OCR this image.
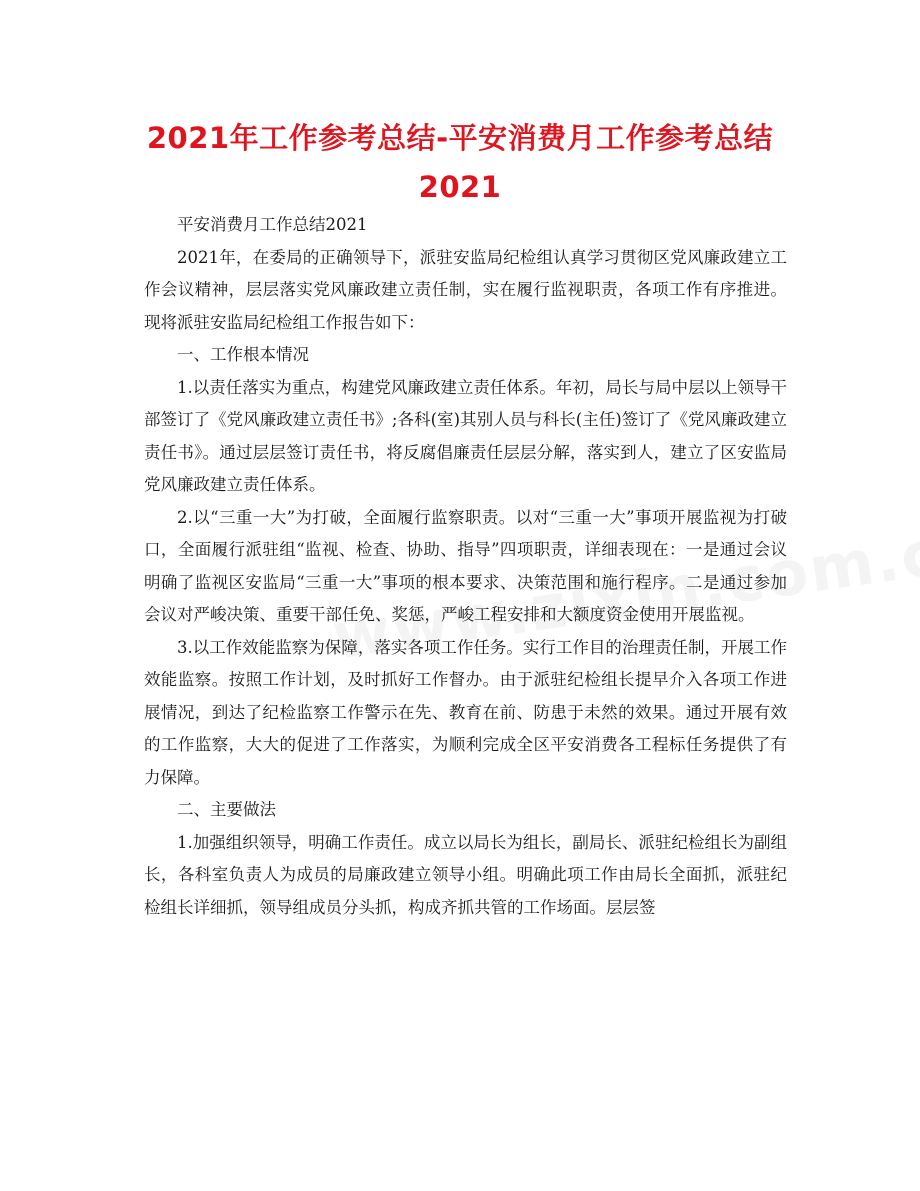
2021年工作参考总结-平安消费月工作参考总结
2021

平安消费月工作总结2021

2021年，在委局的正确领导下，派驻安监局纪检组认真学习贯彻区党风廉政建立工作会议精神，层层落实党风廉政建立责任制，实在履行监视职责，各项工作有序推进。现将派驻安监局纪检组工作报告如下：

一、工作根本情况

1.以责任落实为重点，构建党风廉政建立责任体系。年初，局长与局中层以上领导干部签订了《党风廉政建立责任书》;各科(室)其别人员与科长(主任)签订了《党风廉政建立责任书》。通过层层签订责任书，将反腐倡廉责任层层分解，落实到人，建立了区安监局党风廉政建立责任体系。

2.以“三重一大”为打破，全面履行监察职责。以对“三重一大”事项开展监视为打破口，全面履行派驻组“监视、检查、协助、指导”四项职责，详细表现在：一是通过会议明确了监视区安监局“三重一大”事项的根本要求、决策范围和施行程序。二是通过参加会议对严峻决策、重要干部任免、奖惩，严峻工程安排和大额度资金使用开展监视。

3.以工作效能监察为保障，落实各项工作任务。实行工作目的治理责任制，开展工作效能监察。按照工作计划，及时抓好工作督办。由于派驻纪检组长提早介入各项工作进展情况，到达了纪检监察工作警示在先、教育在前、防患于未然的效果。通过开展有效的工作监察，大大的促进了工作落实，为顺利完成全区平安消费各工程标任务提供了有力保障。

二、主要做法

1.加强组织领导，明确工作责任。成立以局长为组长，副局长、派驻纪检组长为副组长，各科室负责人为成员的局廉政建立领导小组。明确此项工作由局长全面抓，派驻纪检组长详细抓，领导组成员分头抓，构成齐抓共管的工作场面。层层签
